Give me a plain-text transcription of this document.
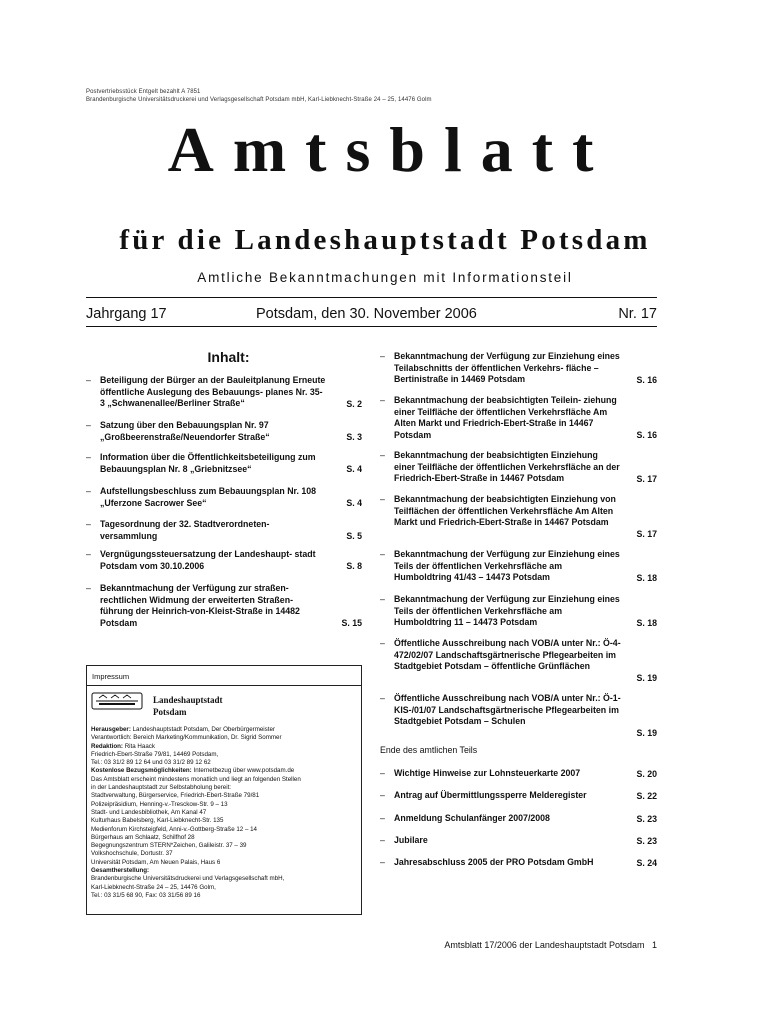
Postvertriebsstück Entgelt bezahlt A 7851
Brandenburgische Universitätsdruckerei und Verlagsgesellschaft Potsdam mbH, Karl-Liebknecht-Straße 24 – 25, 14476 Golm
Amtsblatt
für die Landeshauptstadt Potsdam
Amtliche Bekanntmachungen mit Informationsteil
Jahrgang 17	Potsdam, den 30. November 2006	Nr. 17
Inhalt:
– Beteiligung der Bürger an der Bauleitplanung Erneute öffentliche Auslegung des Bebauungs- planes Nr. 35-3 „Schwanenallee/Berliner Straße“	S. 2
– Satzung über den Bebauungsplan Nr. 97 „Großbeerenstraße/Neuendorfer Straße“	S. 3
– Information über die Öffentlichkeitsbeteiligung zum Bebauungsplan Nr. 8 „Griebnitzsee“	S. 4
– Aufstellungsbeschluss zum Bebauungsplan Nr. 108 „Uferzone Sacrower See“	S. 4
– Tagesordnung der 32. Stadtverordneten- versammlung	S. 5
– Vergnügungssteuersatzung der Landeshaupt- stadt Potsdam vom 30.10.2006	S. 8
– Bekanntmachung der Verfügung zur straßen- rechtlichen Widmung der erweiterten Straßen- führung der Heinrich-von-Kleist-Straße in 14482 Potsdam	S. 15
– Bekanntmachung der Verfügung zur Einziehung eines Teilabschnitts der öffentlichen Verkehrs- fläche – Bertinistraße in 14469 Potsdam	S. 16
– Bekanntmachung der beabsichtigten Teilein- ziehung einer Teilfläche der öffentlichen Verkehrsfläche Am Alten Markt und Friedrich-Ebert-Straße in 14467 Potsdam	S. 16
– Bekanntmachung der beabsichtigten Einziehung einer Teilfläche der öffentlichen Verkehrsfläche an der Friedrich-Ebert-Straße in 14467 Potsdam	S. 17
– Bekanntmachung der beabsichtigten Einziehung von Teilflächen der öffentlichen Verkehrsfläche Am Alten Markt und Friedrich-Ebert-Straße in 14467 Potsdam
S. 17
– Bekanntmachung der Verfügung zur Einziehung eines Teils der öffentlichen Verkehrsfläche am Humboldtring 41/43 – 14473 Potsdam	S. 18
– Bekanntmachung der Verfügung zur Einziehung eines Teils der öffentlichen Verkehrsfläche am Humboldtring 11 – 14473 Potsdam	S. 18
– Öffentliche Ausschreibung nach VOB/A unter Nr.: Ö-4-472/02/07 Landschaftsgärtnerische Pflegearbeiten im Stadtgebiet Potsdam – öffentliche Grünflächen
S. 19
– Öffentliche Ausschreibung nach VOB/A unter Nr.: Ö-1-KIS-/01/07 Landschaftsgärtnerische Pflegearbeiten im Stadtgebiet Potsdam – Schulen
S. 19
Ende des amtlichen Teils
– Wichtige Hinweise zur Lohnsteuerkarte 2007	S. 20
– Antrag auf Übermittlungssperre Melderegister	S. 22
– Anmeldung Schulanfänger 2007/2008	S. 23
– Jubilare	S. 23
– Jahresabschluss 2005 der PRO Potsdam GmbH	S. 24
Impressum
Landeshauptstadt
Potsdam
Herausgeber: Landeshauptstadt Potsdam, Der Oberbürgermeister
Verantwortlich: Bereich Marketing/Kommunikation, Dr. Sigrid Sommer
Redaktion: Rita Haack
Friedrich-Ebert-Straße 79/81, 14469 Potsdam,
Tel.: 03 31/2 89 12 64 und 03 31/2 89 12 62
Kostenlose Bezugsmöglichkeiten: Internetbezug über www.potsdam.de
Das Amtsblatt erscheint mindestens monatlich und liegt an folgenden Stellen
in der Landeshauptstadt zur Selbstabholung bereit:
Stadtverwaltung, Bürgerservice, Friedrich-Ebert-Straße 79/81
Polizeipräsidium, Henning-v.-Tresckow-Str. 9 – 13
Stadt- und Landesbibliothek, Am Kanal 47
Kulturhaus Babelsberg, Karl-Liebknecht-Str. 135
Medienforum Kirchsteigfeld, Anni-v.-Gottberg-Straße 12 – 14
Bürgerhaus am Schlaatz, Schilfhof 28
Begegnungszentrum STERN*Zeichen, Galileistr. 37 – 39
Volkshochschule, Dortustr. 37
Universität Potsdam, Am Neuen Palais, Haus 6
Gesamtherstellung:
Brandenburgische Universitätsdruckerei und Verlagsgesellschaft mbH,
Karl-Liebknecht-Straße 24 – 25, 14476 Golm,
Tel.: 03 31/5 68 90, Fax: 03 31/56 89 16
Amtsblatt 17/2006 der Landeshauptstadt Potsdam 1
